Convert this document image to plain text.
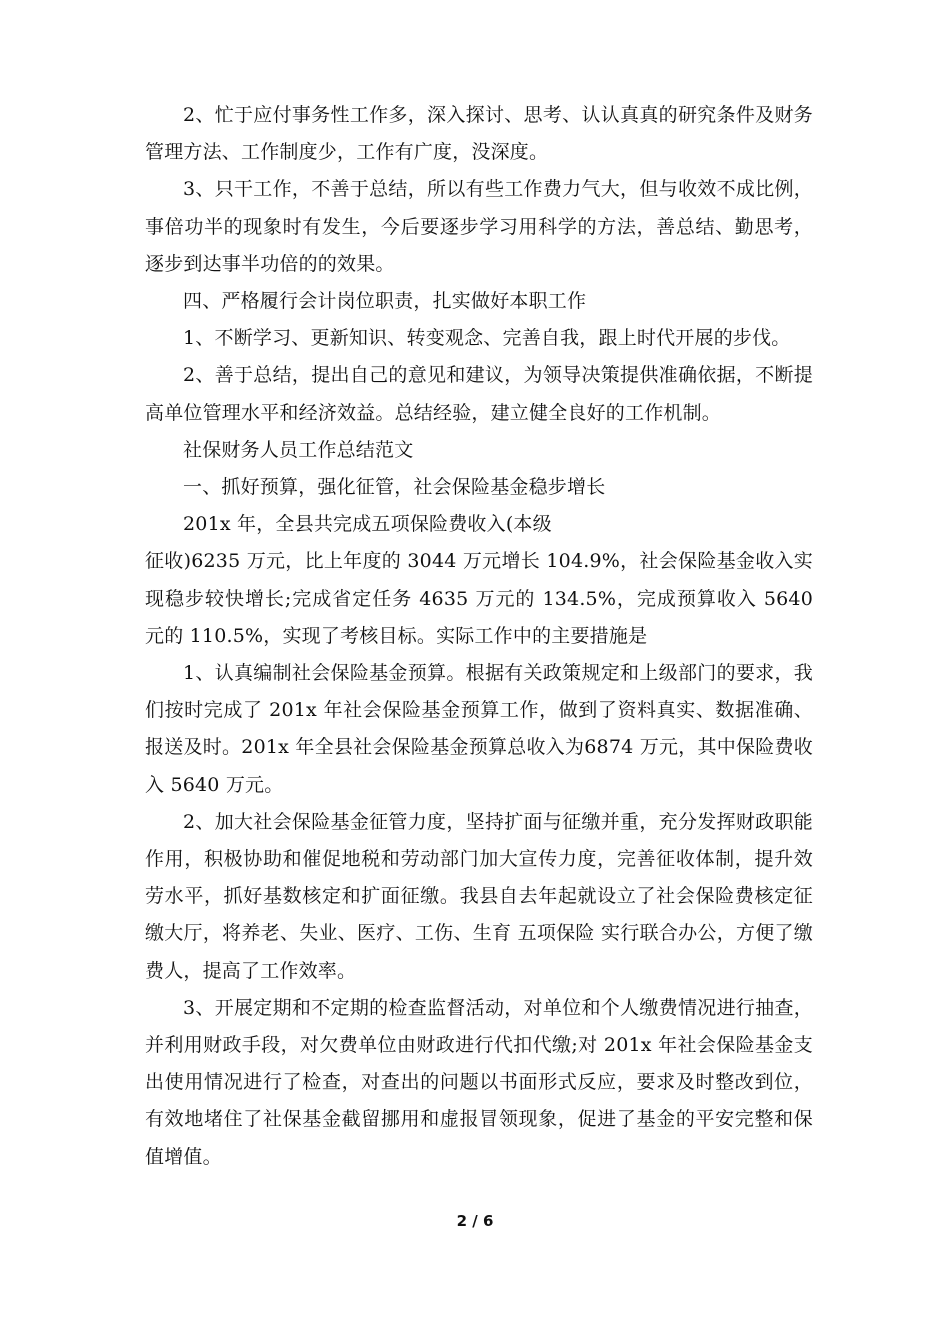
2、忙于应付事务性工作多，深入探讨、思考、认认真真的研究条件及财务管理方法、工作制度少，工作有广度，没深度。

3、只干工作，不善于总结，所以有些工作费力气大，但与收效不成比例，事倍功半的现象时有发生，今后要逐步学习用科学的方法，善总结、勤思考，逐步到达事半功倍的的效果。

四、严格履行会计岗位职责，扎实做好本职工作

1、不断学习、更新知识、转变观念、完善自我，跟上时代开展的步伐。

2、善于总结，提出自己的意见和建议，为领导决策提供准确依据，不断提高单位管理水平和经济效益。总结经验，建立健全良好的工作机制。

社保财务人员工作总结范文

一、抓好预算，强化征管，社会保险基金稳步增长

201x 年，全县共完成五项保险费收入(本级

征收)6235 万元，比上年度的 3044 万元增长 104.9%，社会保险基金收入实现稳步较快增长;完成省定任务 4635 万元的 134.5%，完成预算收入 5640 元的 110.5%，实现了考核目标。实际工作中的主要措施是

1、认真编制社会保险基金预算。根据有关政策规定和上级部门的要求，我们按时完成了 201x 年社会保险基金预算工作，做到了资料真实、数据准确、报送及时。201x 年全县社会保险基金预算总收入为6874 万元，其中保险费收入 5640 万元。

2、加大社会保险基金征管力度，坚持扩面与征缴并重，充分发挥财政职能作用，积极协助和催促地税和劳动部门加大宣传力度，完善征收体制，提升效劳水平，抓好基数核定和扩面征缴。我县自去年起就设立了社会保险费核定征缴大厅，将养老、失业、医疗、工伤、生育 五项保险 实行联合办公，方便了缴费人，提高了工作效率。

3、开展定期和不定期的检查监督活动，对单位和个人缴费情况进行抽查，并利用财政手段，对欠费单位由财政进行代扣代缴;对 201x 年社会保险基金支出使用情况进行了检查，对查出的问题以书面形式反应，要求及时整改到位，有效地堵住了社保基金截留挪用和虚报冒领现象，促进了基金的平安完整和保值增值。

2 / 6
